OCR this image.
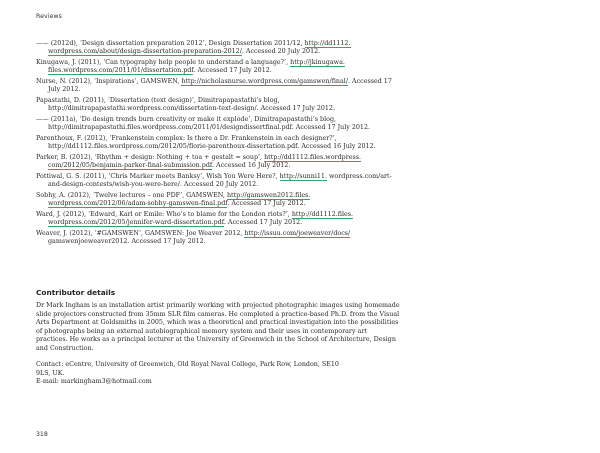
Reviews

—— (2012d), ‘Design dissertation preparation 2012’, Design Dissertation 2011/12, http://dd1112. wordpress.com/about/design-dissertation-preparation-2012/. Accessed 20 July 2012.

Kinugawa, J. (2011), ‘Can typography help people to understand a language?’, http://jkinugawa. files.wordpress.com/2011/01/dissertation.pdf. Accessed 17 July 2012.

Nurse, N. (2012), ‘Inspirations’, GAMSWEN, http://nicholasnurse.wordpress.com/gamswen/final/. Accessed 17 July 2012.

Papastathi, D. (2011), ‘Dissertation (text design)’, Dimitrapapastathi’s blog, http://dimitrapapastathi.wordpress.com/dissertation-text-design/. Accessed 17 July 2012.

—— (2011a), ‘Do design trends burn creativity or make it explode’, Dimitrapapastathi’s blog, http://dimitrapapastathi.files.wordpress.com/2011/01/designdissertfinal.pdf. Accessed 17 July 2012.

Parenthoux, F. (2012), ‘Frankenstein complex: Is there a Dr. Frankenstein in each designer?’, http://dd1112.files.wordpress.com/2012/05/florie-parenthoux-dissertation.pdf. Accessed 16 July 2012.

Parker, B. (2012), ‘Rhythm + design: Nothing + toa + gestalt = soup’, http://dd1112.files.wordpress. com/2012/05/benjamin-parker-final-submission.pdf. Accessed 16 July 2012.

Pottiwal, G. S. (2011), ‘Chris Marker meets Banksy’, Wish You Were Here?, http://sunni11. wordpress.com/art-and-design-contests/wish-you-were-here/. Accessed 20 July 2012.

Sobhy, A. (2012), ‘Twelve lectures – one PDF’, GAMSWEN, http://gamswen2012.files. wordpress.com/2012/06/adam-sobhy-gamswen-final.pdf. Accessed 17 July 2012.

Ward, J. (2012), ‘Edward, Karl or Emile: Who’s to blame for the London riots?’, http://dd1112.files. wordpress.com/2012/05/jennifer-ward-dissertation.pdf. Accessed 17 July 2012.

Weaver, J. (2012), ‘#GAMSWEN’, GAMSWEN: Joe Weaver 2012, http://issuu.com/joeweaver/docs/ gamswenjoeweaver2012. Accessed 17 July 2012.

Contributor details

Dr Mark Ingham is an installation artist primarily working with projected photographic images using homemade slide projectors constructed from 35mm SLR film cameras. He completed a practice-based Ph.D. from the Visual Arts Department at Goldsmiths in 2005, which was a theoretical and practical investigation into the possibilities of photographs being an external autobiographical memory system and their uses in contemporary art practices. He works as a principal lecturer at the University of Greenwich in the School of Architecture, Design and Construction.

Contact: eCentre, University of Greenwich, Old Royal Naval College, Park Row, London, SE10
9LS, UK.
E-mail: markingham3@hotmail.com
318
